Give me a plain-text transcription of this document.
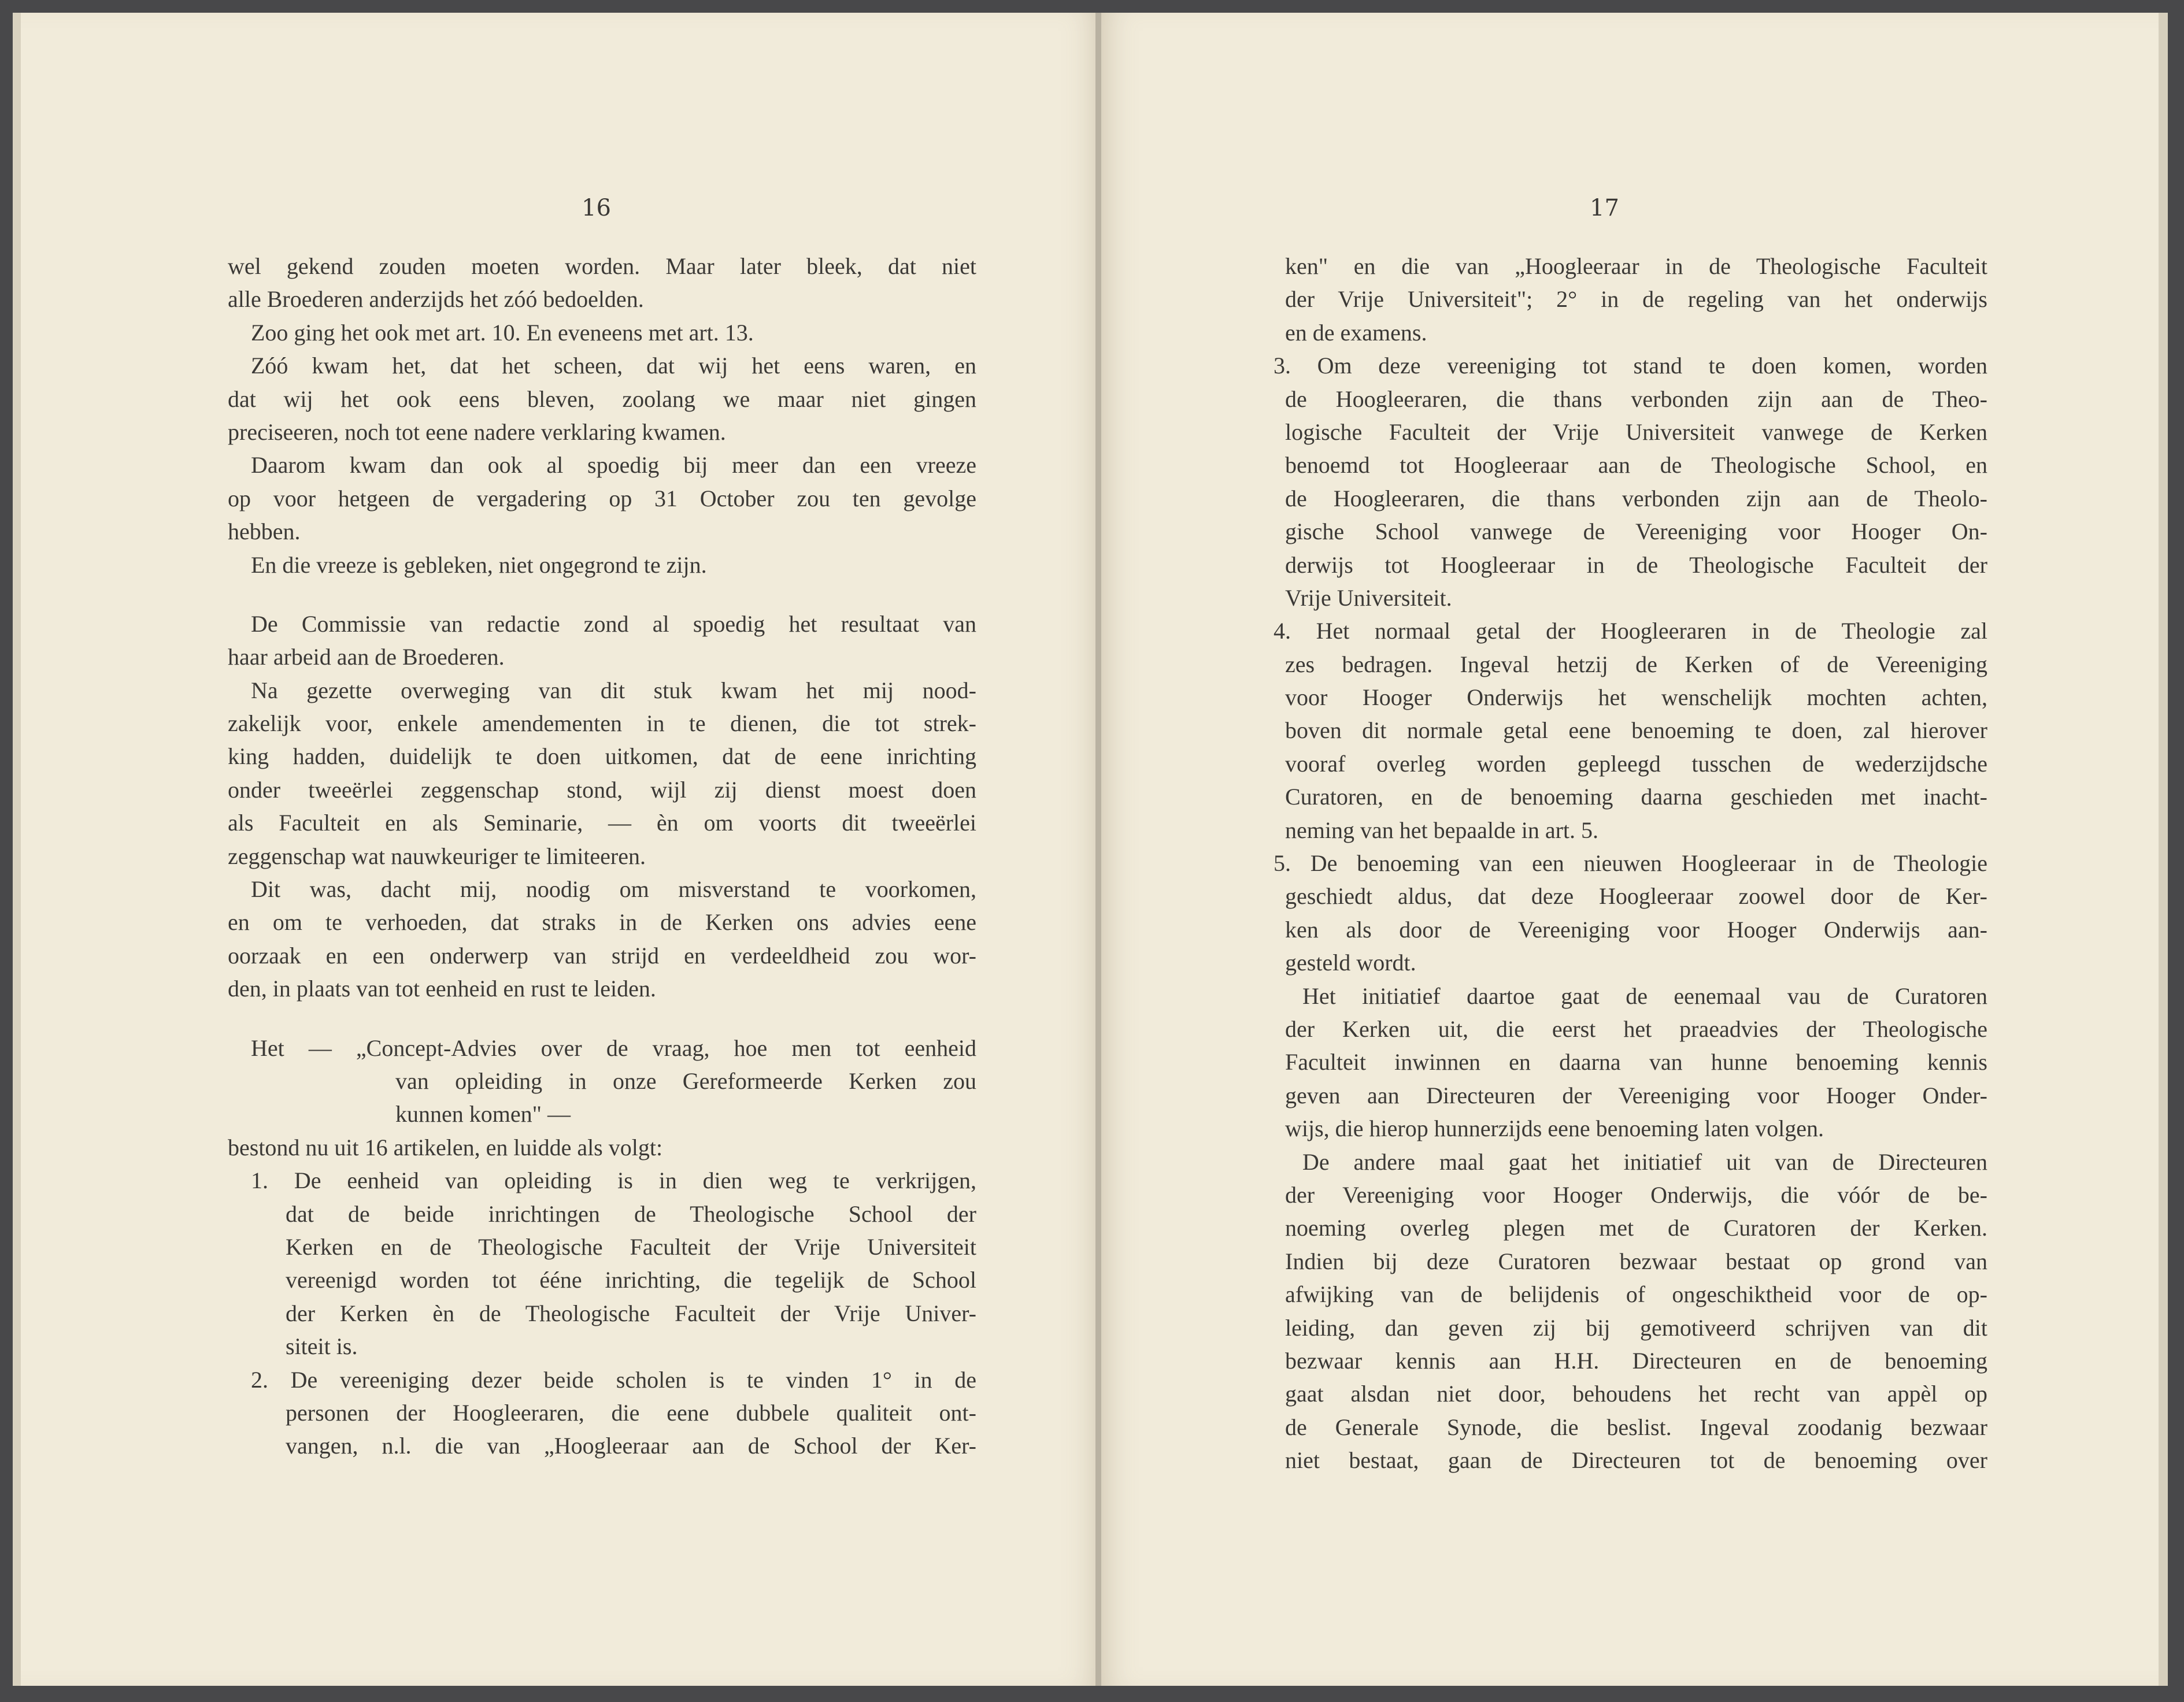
16
wel gekend zouden moeten worden. Maar later bleek, dat niet
alle Broederen anderzijds het zóó bedoelden.
Zoo ging het ook met art. 10. En eveneens met art. 13.
Zóó kwam het, dat het scheen, dat wij het eens waren, en
dat wij het ook eens bleven, zoolang we maar niet gingen
preciseeren, noch tot eene nadere verklaring kwamen.
Daarom kwam dan ook al spoedig bij meer dan een vreeze
op voor hetgeen de vergadering op 31 October zou ten gevolge
hebben.
En die vreeze is gebleken, niet ongegrond te zijn.
De Commissie van redactie zond al spoedig het resultaat van
haar arbeid aan de Broederen.
Na gezette overweging van dit stuk kwam het mij nood-
zakelijk voor, enkele amendementen in te dienen, die tot strek-
king hadden, duidelijk te doen uitkomen, dat de eene inrichting
onder tweeërlei zeggenschap stond, wijl zij dienst moest doen
als Faculteit en als Seminarie, — èn om voorts dit tweeërlei
zeggenschap wat nauwkeuriger te limiteeren.
Dit was, dacht mij, noodig om misverstand te voorkomen,
en om te verhoeden, dat straks in de Kerken ons advies eene
oorzaak en een onderwerp van strijd en verdeeldheid zou wor-
den, in plaats van tot eenheid en rust te leiden.
Het — „Concept-Advies over de vraag, hoe men tot eenheid
van opleiding in onze Gereformeerde Kerken zou
kunnen komen" —
bestond nu uit 16 artikelen, en luidde als volgt:
1. De eenheid van opleiding is in dien weg te verkrijgen,
dat de beide inrichtingen de Theologische School der
Kerken en de Theologische Faculteit der Vrije Universiteit
vereenigd worden tot ééne inrichting, die tegelijk de School
der Kerken èn de Theologische Faculteit der Vrije Univer-
siteit is.
2. De vereeniging dezer beide scholen is te vinden 1° in de
personen der Hoogleeraren, die eene dubbele qualiteit ont-
vangen, n.l. die van „Hoogleeraar aan de School der Ker-
17
ken" en die van „Hoogleeraar in de Theologische Faculteit
der Vrije Universiteit"; 2° in de regeling van het onderwijs
en de examens.
3. Om deze vereeniging tot stand te doen komen, worden
de Hoogleeraren, die thans verbonden zijn aan de Theo-
logische Faculteit der Vrije Universiteit vanwege de Kerken
benoemd tot Hoogleeraar aan de Theologische School, en
de Hoogleeraren, die thans verbonden zijn aan de Theolo-
gische School vanwege de Vereeniging voor Hooger On-
derwijs tot Hoogleeraar in de Theologische Faculteit der
Vrije Universiteit.
4. Het normaal getal der Hoogleeraren in de Theologie zal
zes bedragen. Ingeval hetzij de Kerken of de Vereeniging
voor Hooger Onderwijs het wenschelijk mochten achten,
boven dit normale getal eene benoeming te doen, zal hierover
vooraf overleg worden gepleegd tusschen de wederzijdsche
Curatoren, en de benoeming daarna geschieden met inacht-
neming van het bepaalde in art. 5.
5. De benoeming van een nieuwen Hoogleeraar in de Theologie
geschiedt aldus, dat deze Hoogleeraar zoowel door de Ker-
ken als door de Vereeniging voor Hooger Onderwijs aan-
gesteld wordt.
Het initiatief daartoe gaat de eenemaal vau de Curatoren
der Kerken uit, die eerst het praeadvies der Theologische
Faculteit inwinnen en daarna van hunne benoeming kennis
geven aan Directeuren der Vereeniging voor Hooger Onder-
wijs, die hierop hunnerzijds eene benoeming laten volgen.
De andere maal gaat het initiatief uit van de Directeuren
der Vereeniging voor Hooger Onderwijs, die vóór de be-
noeming overleg plegen met de Curatoren der Kerken.
Indien bij deze Curatoren bezwaar bestaat op grond van
afwijking van de belijdenis of ongeschiktheid voor de op-
leiding, dan geven zij bij gemotiveerd schrijven van dit
bezwaar kennis aan H.H. Directeuren en de benoeming
gaat alsdan niet door, behoudens het recht van appèl op
de Generale Synode, die beslist. Ingeval zoodanig bezwaar
niet bestaat, gaan de Directeuren tot de benoeming over
